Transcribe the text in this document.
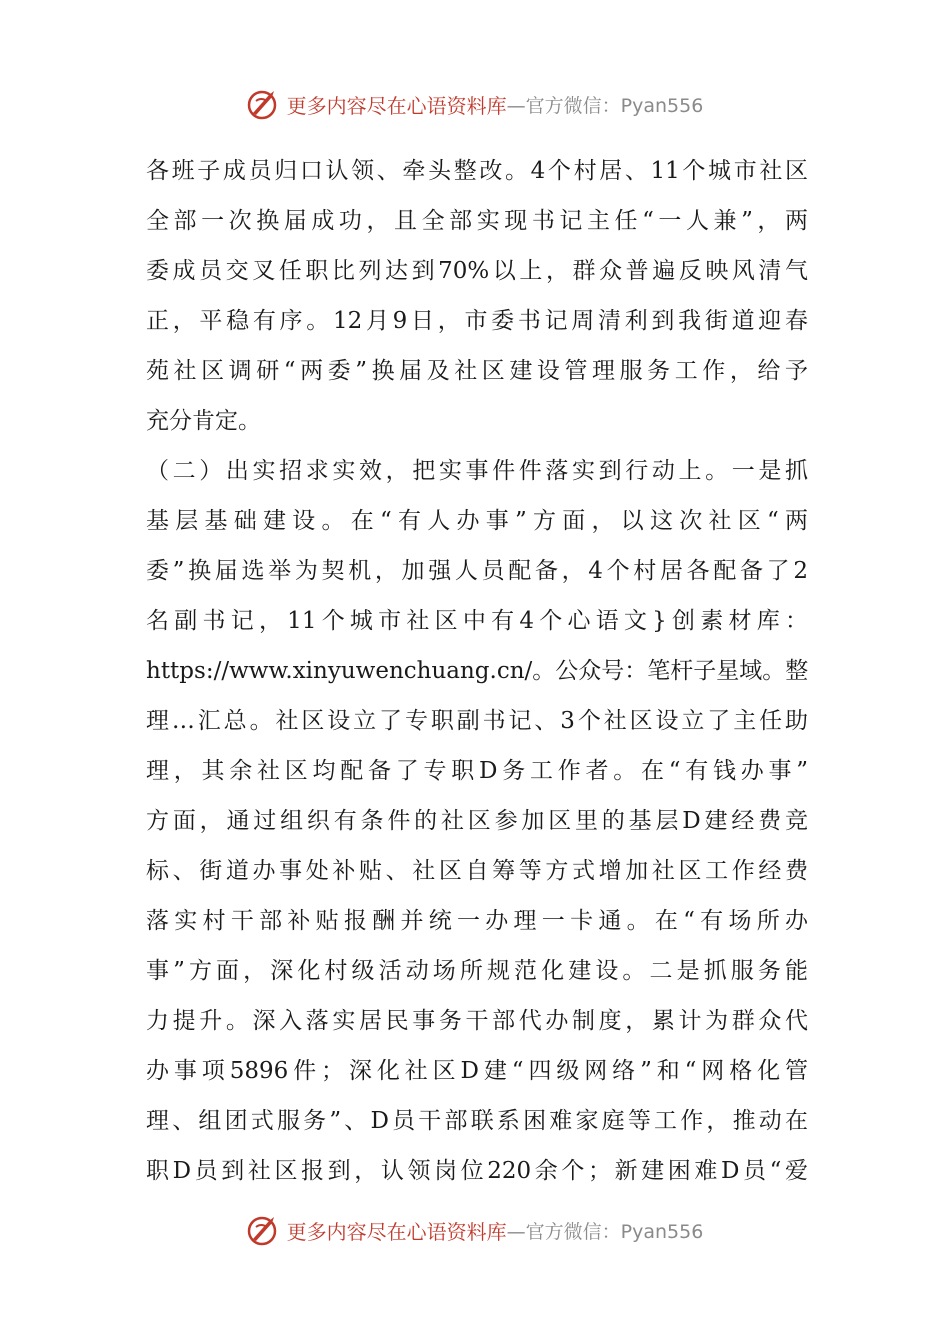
更多内容尽在心语资料库 —官方微信：Pyan556
各班子成员归口认领、牵头整改。4个村居、11个城市社区
全部一次换届成功，且全部实现书记主任“一人兼”，两
委成员交叉任职比列达到70%以上，群众普遍反映风清气
正，平稳有序。12月9日，市委书记周清利到我街道迎春
苑社区调研“两委”换届及社区建设管理服务工作，给予
充分肯定。
（二）出实招求实效，把实事件件落实到行动上。一是抓
基层基础建设。在“有人办事”方面，以这次社区“两
委”换届选举为契机，加强人员配备，4个村居各配备了2
名副书记，11个城市社区中有4个心语文}创素材库：
https://www.xinyuwenchuang.cn/。公众号：笔杆子星域。整
理…汇总。社区设立了专职副书记、3个社区设立了主任助
理，其余社区均配备了专职D务工作者。在“有钱办事”
方面，通过组织有条件的社区参加区里的基层D建经费竞
标、街道办事处补贴、社区自筹等方式增加社区工作经费
落实村干部补贴报酬并统一办理一卡通。在“有场所办
事”方面，深化村级活动场所规范化建设。二是抓服务能
力提升。深入落实居民事务干部代办制度，累计为群众代
办事项5896件；深化社区D建“四级网络”和“网格化管
理、组团式服务”、D员干部联系困难家庭等工作，推动在
职D员到社区报到，认领岗位220余个；新建困难D员“爱
更多内容尽在心语资料库 —官方微信：Pyan556
